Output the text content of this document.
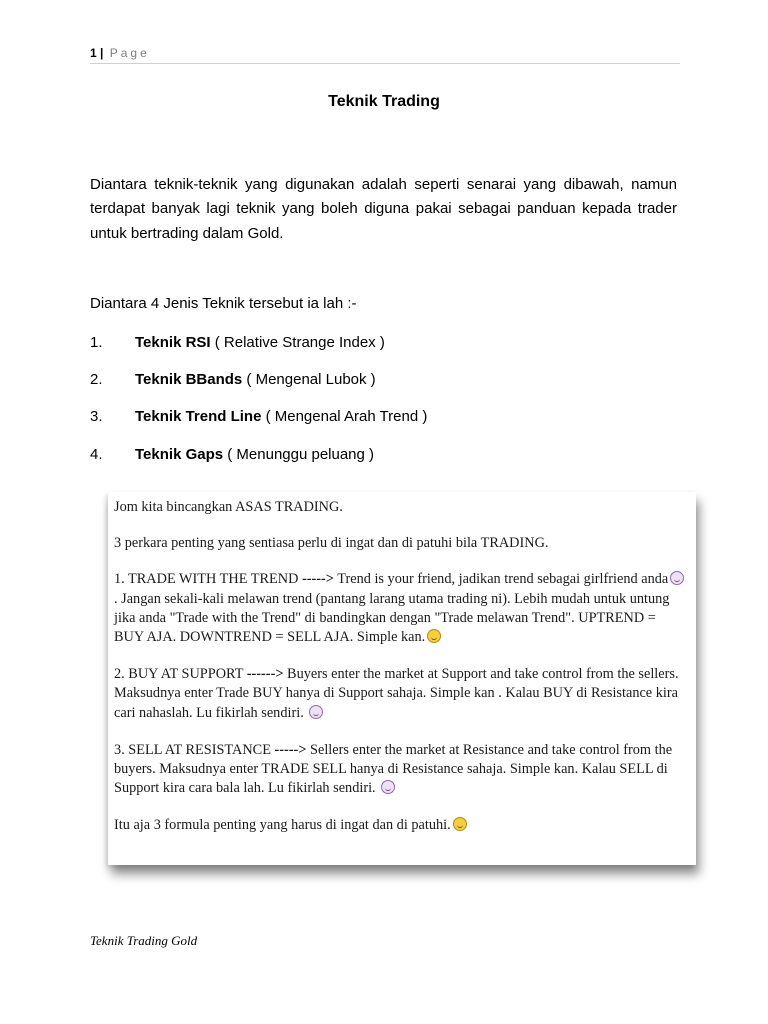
1 | Page
Teknik Trading
Diantara teknik-teknik yang digunakan adalah seperti senarai yang dibawah, namun terdapat banyak lagi teknik yang boleh diguna pakai sebagai panduan kepada trader untuk bertrading dalam Gold.
Diantara 4 Jenis Teknik tersebut ia lah :-
1. Teknik RSI ( Relative Strange Index )
2. Teknik BBands ( Mengenal Lubok )
3. Teknik Trend Line ( Mengenal Arah Trend )
4. Teknik Gaps ( Menunggu peluang )

Jom kita bincangkan ASAS TRADING.

3 perkara penting yang sentiasa perlu di ingat dan di patuhi bila TRADING.

1. TRADE WITH THE TREND -----> Trend is your friend, jadikan trend sebagai girlfriend anda. Jangan sekali-kali melawan trend (pantang larang utama trading ni). Lebih mudah untuk untung jika anda "Trade with the Trend" di bandingkan dengan "Trade melawan Trend". UPTREND = BUY AJA. DOWNTREND = SELL AJA. Simple kan.

2. BUY AT SUPPORT ------> Buyers enter the market at Support and take control from the sellers. Maksudnya enter Trade BUY hanya di Support sahaja. Simple kan . Kalau BUY di Resistance kira cari nahaslah. Lu fikirlah sendiri.

3. SELL AT RESISTANCE -----> Sellers enter the market at Resistance and take control from the buyers. Maksudnya enter TRADE SELL hanya di Resistance sahaja. Simple kan. Kalau SELL di Support kira cara bala lah. Lu fikirlah sendiri.

Itu aja 3 formula penting yang harus di ingat dan di patuhi.

Teknik Trading Gold
